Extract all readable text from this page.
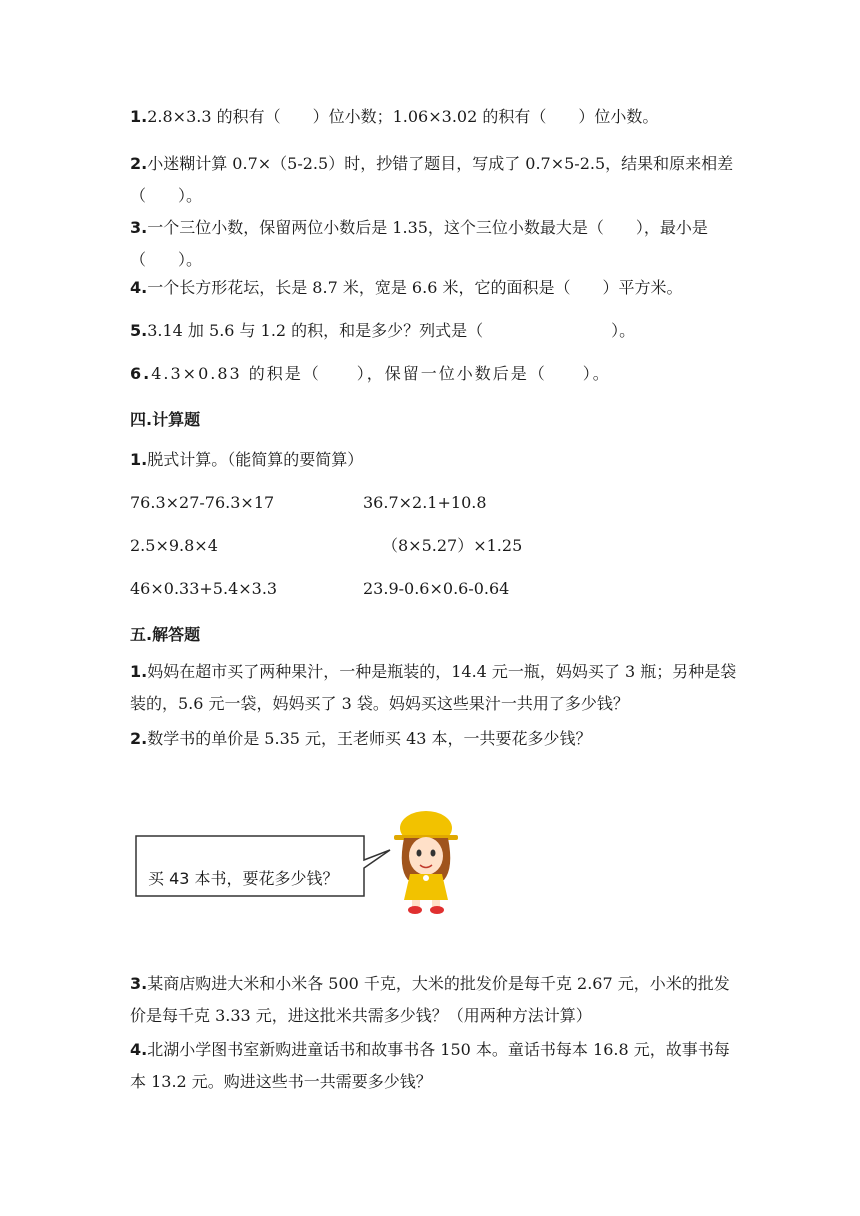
1.2.8×3.3 的积有（　　）位小数；1.06×3.02 的积有（　　）位小数。
2.小迷糊计算 0.7×（5-2.5）时，抄错了题目，写成了 0.7×5-2.5，结果和原来相差（　　）。
3.一个三位小数，保留两位小数后是 1.35，这个三位小数最大是（　　），最小是（　　）。
4.一个长方形花坛，长是 8.7 米，宽是 6.6 米，它的面积是（　　）平方米。
5.3.14 加 5.6 与 1.2 的积，和是多少？列式是（　　　　　　　　）。
6.4.3×0.83 的积是（　　），保留一位小数后是（　　）。
四.计算题
1.脱式计算。（能简算的要简算）
76.3×27-76.3×17	36.7×2.1+10.8
2.5×9.8×4	（8×5.27）×1.25
46×0.33+5.4×3.3	23.9-0.6×0.6-0.64
五.解答题
1.妈妈在超市买了两种果汁，一种是瓶装的，14.4 元一瓶，妈妈买了 3 瓶；另种是袋装的，5.6 元一袋，妈妈买了 3 袋。妈妈买这些果汁一共用了多少钱？
2.数学书的单价是 5.35 元，王老师买 43 本，一共要花多少钱？
买 43 本书，要花多少钱？
3.某商店购进大米和小米各 500 千克，大米的批发价是每千克 2.67 元，小米的批发价是每千克 3.33 元，进这批米共需多少钱？（用两种方法计算）
4.北湖小学图书室新购进童话书和故事书各 150 本。童话书每本 16.8 元，故事书每本 13.2 元。购进这些书一共需要多少钱？
